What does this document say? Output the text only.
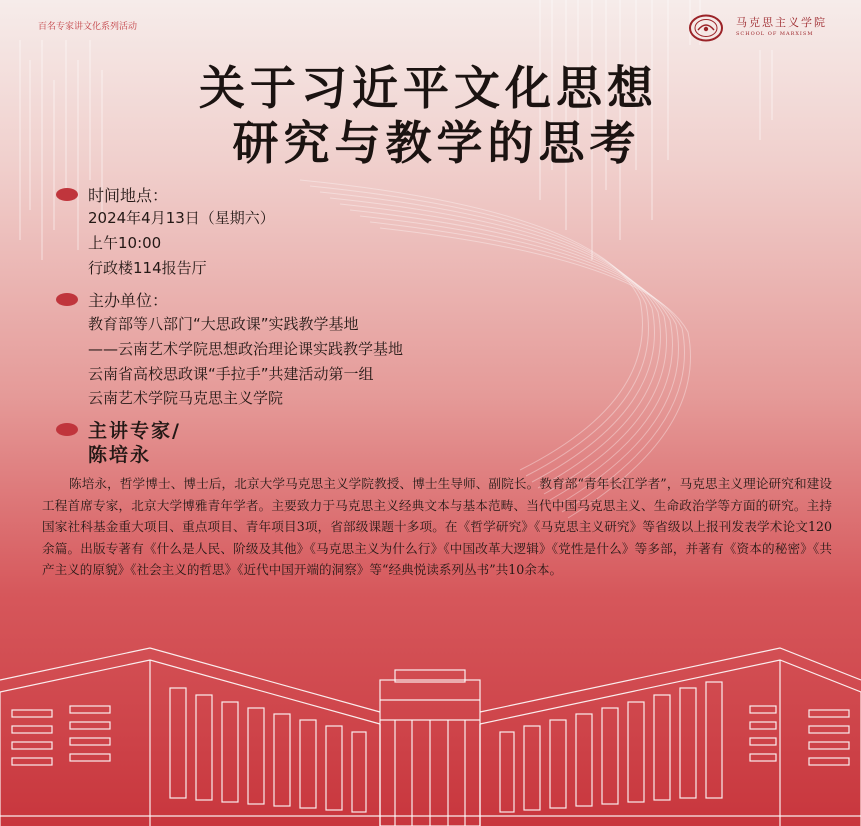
百名专家讲文化系列活动	马克思主义学院
SCHOOL OF MARXISM
关于习近平文化思想
研究与教学的思考
时间地点：
2024年4月13日（星期六）
上午10:00
行政楼114报告厅
主办单位：
教育部等八部门“大思政课”实践教学基地
——云南艺术学院思想政治理论课实践教学基地
云南省高校思政课“手拉手”共建活动第一组
云南艺术学院马克思主义学院
主讲专家/
陈培永

陈培永，哲学博士、博士后，北京大学马克思主义学院教授、博士生导师、副院长。教育部“青年长江学者”，马克思主义理论研究和建设工程首席专家，北京大学博雅青年学者。主要致力于马克思主义经典文本与基本范畴、当代中国马克思主义、生命政治学等方面的研究。主持国家社科基金重大项目、重点项目、青年项目3项，省部级课题十多项。在《哲学研究》《马克思主义研究》等省级以上报刊发表学术论文120余篇。出版专著有《什么是人民、阶级及其他》《马克思主义为什么行》《中国改革大逻辑》《党性是什么》等多部，并著有《资本的秘密》《共产主义的原貌》《社会主义的哲思》《近代中国开端的洞察》等“经典悦读系列丛书”共10余本。
